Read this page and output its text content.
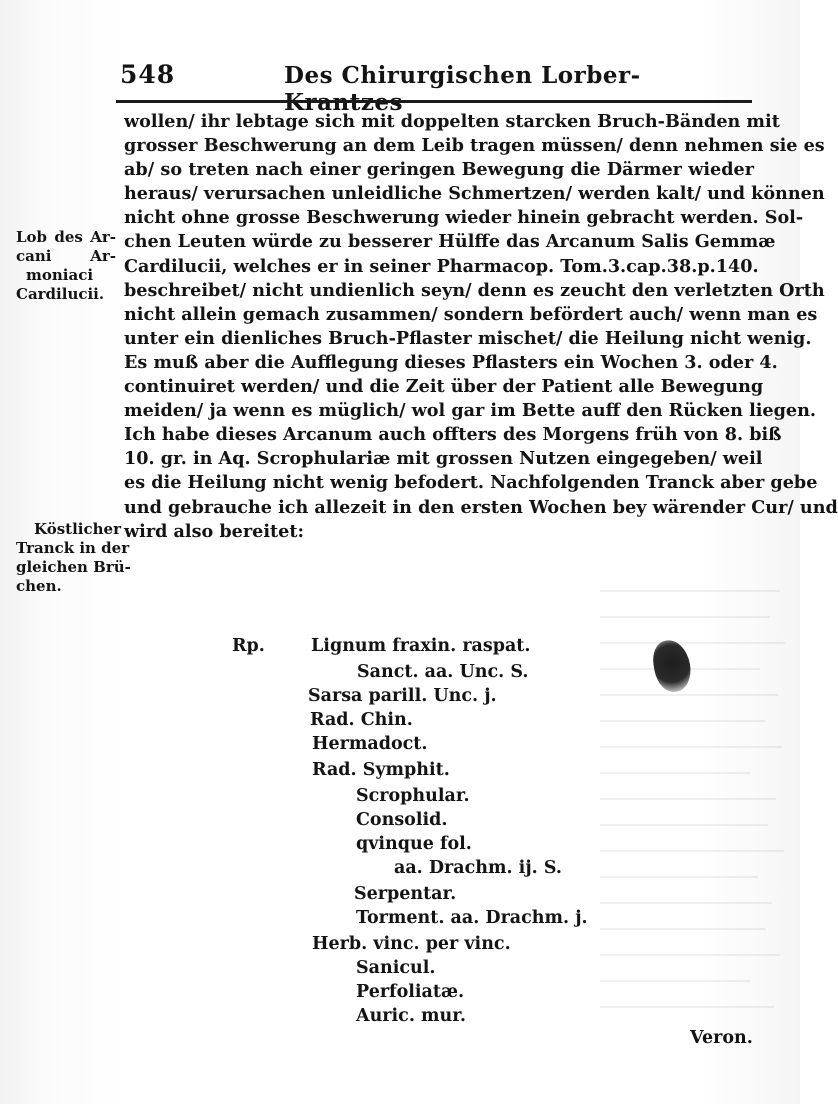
548	Des Chirurgischen Lorber-
wollen/ ihr lebtage sich mit doppelten starcken Bruch-Bänden mit
grosser Beschwerung an dem Leib tragen müssen/ denn nehmen sie es
ab/ so treten nach einer geringen Bewegung die Därmer wieder
heraus/ verursachen unleidliche Schmertzen/ werden kalt/ und können
nicht ohne grosse Beschwerung wieder hinein gebracht werden. Sol-
chen Leuten würde zu besserer Hülffe das Arcanum Salis Gemmæ
Cardilucii, welches er in seiner Pharmacop. Tom.3.cap.38.p.140.
beschreibet/ nicht undienlich seyn/ denn es zeucht den verletzten Orth
nicht allein gemach zusammen/ sondern befördert auch/ wenn man es
unter ein dienliches Bruch-Pflaster mischet/ die Heilung nicht wenig.
Es muß aber die Aufflegung dieses Pflasters ein Wochen 3. oder 4.
continuiret werden/ und die Zeit über der Patient alle Bewegung
meiden/ ja wenn es müglich/ wol gar im Bette auff den Rücken liegen.
Ich habe dieses Arcanum auch offters des Morgens früh von 8. biß
10. gr. in Aq. Scrophulariæ mit grossen Nutzen eingegeben/ weil
es die Heilung nicht wenig befodert. Nachfolgenden Tranck aber gebe
und gebrauche ich allezeit in den ersten Wochen bey wärender Cur/ und
wird also bereitet:
Lob des Ar-
cani Ar-
moniaci
Cardilucii.
Köstlicher
Tranck in der
gleichen Brü-
chen.
Rp.	Lignum fraxin. raspat.
Sanct. aa. Unc. S.
Sarsa parill. Unc. j.
Rad. Chin.
Hermadoct.
Rad. Symphit.
Scrophular.
Consolid.
qvinque fol.
aa. Drachm. ij. S.
Serpentar.
Torment. aa. Drachm. j.
Herb. vinc. per vinc.
Sanicul.
Perfoliatæ.
Auric. mur.
Veron.
